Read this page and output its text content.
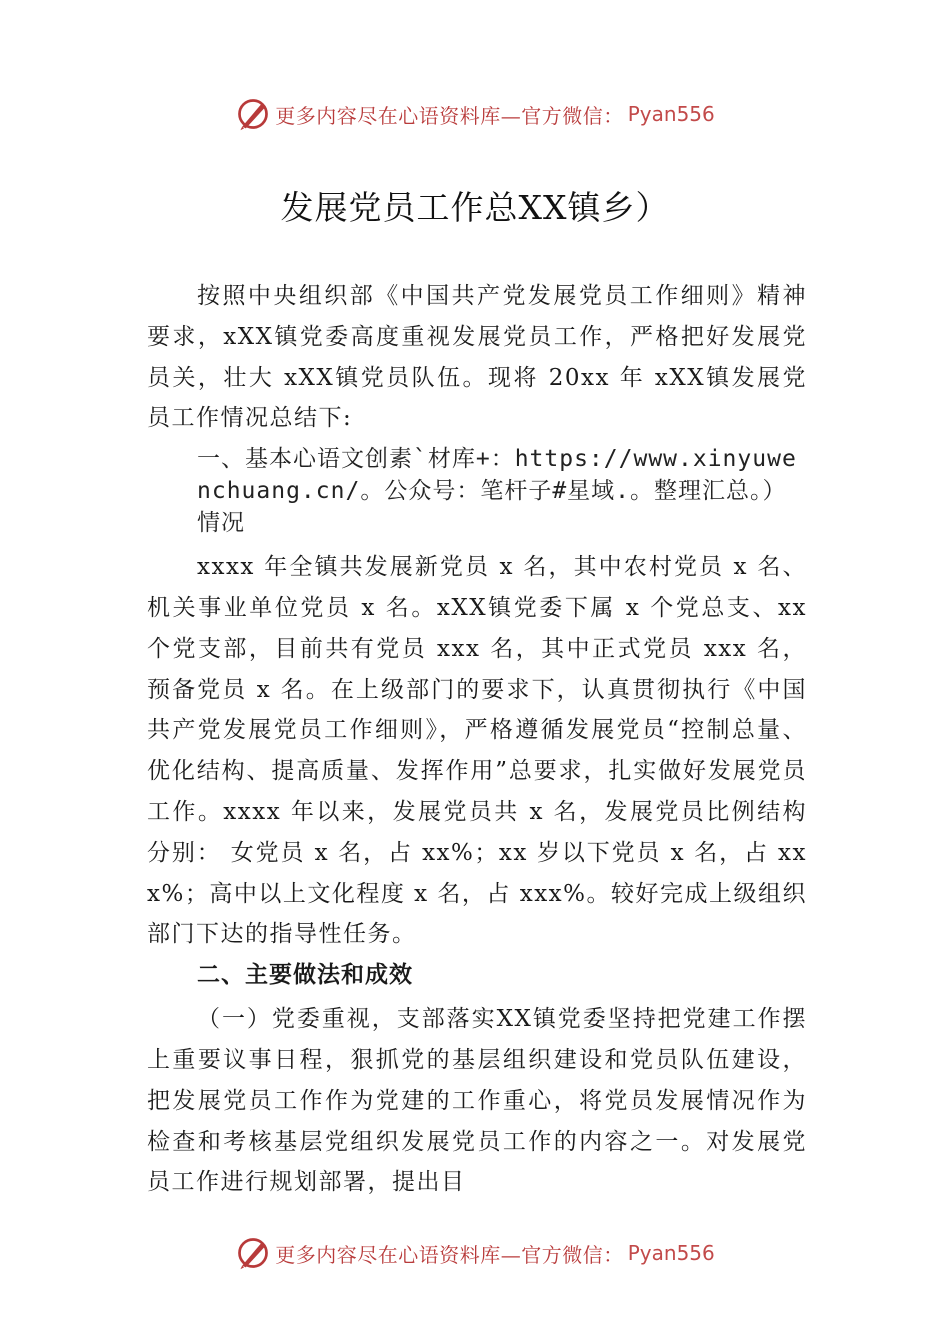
更多内容尽在心语资料库—官方微信： Pyan556
发展党员工作总XX镇乡）

按照中央组织部《中国共产党发展党员工作细则》精神要求，xXX镇党委高度重视发展党员工作，严格把好发展党员关，壮大 xXX镇党员队伍。现将 20xx 年 xXX镇发展党员工作情况总结下:

一、基本心语文创素`材库+：https://www.xinyuwenchuang.cn/。公众号：笔杆子#星域.。整理汇总。）情况

xxxx 年全镇共发展新党员 x 名，其中农村党员 x 名、机关事业单位党员 x 名。xXX镇党委下属 x 个党总支、xx 个党支部，目前共有党员 xxx 名，其中正式党员 xxx 名，预备党员 x 名。在上级部门的要求下，认真贯彻执行《中国共产党发展党员工作细则》，严格遵循发展党员“控制总量、优化结构、提高质量、发挥作用”总要求，扎实做好发展党员工作。xxxx 年以来，发展党员共 x 名，发展党员比例结构分别： 女党员 x 名，占 xx%；xx 岁以下党员 x 名，占 xxx%；高中以上文化程度 x 名，占 xxx%。较好完成上级组织部门下达的指导性任务。

二、主要做法和成效

（一）党委重视，支部落实XX镇党委坚持把党建工作摆上重要议事日程，狠抓党的基层组织建设和党员队伍建设，把发展党员工作作为党建的工作重心，将党员发展情况作为检查和考核基层党组织发展党员工作的内容之一。对发展党员工作进行规划部署，提出目

更多内容尽在心语资料库—官方微信： Pyan556
